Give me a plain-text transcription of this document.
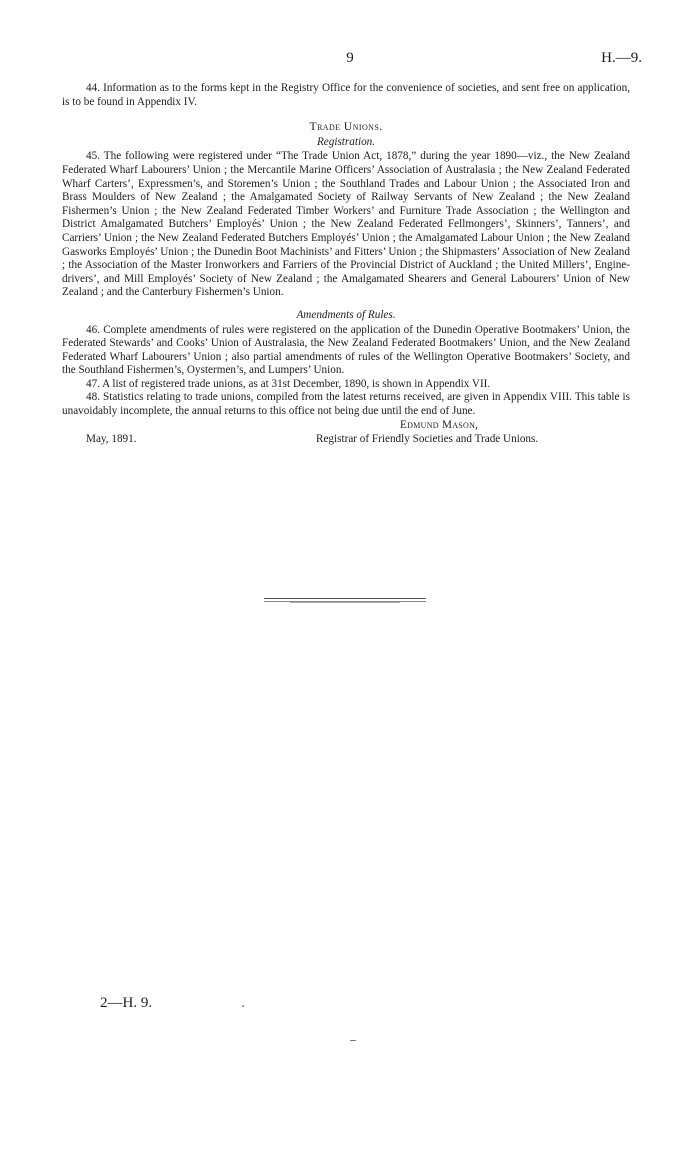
9	H.—9.

44. Information as to the forms kept in the Registry Office for the convenience of societies, and sent free on application, is to be found in Appendix IV.

Trade Unions.
Registration.

45. The following were registered under “The Trade Union Act, 1878,” during the year 1890—viz., the New Zealand Federated Wharf Labourers’ Union ; the Mercantile Marine Officers’ Association of Australasia ; the New Zealand Federated Wharf Carters’, Expressmen’s, and Storemen’s Union ; the Southland Trades and Labour Union ; the Associated Iron and Brass Moulders of New Zealand ; the Amalgamated Society of Railway Servants of New Zealand ; the New Zealand Fishermen’s Union ; the New Zealand Federated Timber Workers’ and Furniture Trade Association ; the Wellington and District Amalgamated Butchers’ Employés’ Union ; the New Zealand Federated Fellmongers’, Skinners’, Tanners’, and Carriers’ Union ; the New Zealand Federated Butchers Employés’ Union ; the Amalgamated Labour Union ; the New Zealand Gasworks Employés’ Union ; the Dunedin Boot Machinists’ and Fitters’ Union ; the Shipmasters’ Association of New Zealand ; the Association of the Master Ironworkers and Farriers of the Provincial District of Auckland ; the United Millers’, Engine-drivers’, and Mill Employés’ Society of New Zealand ; the Amalgamated Shearers and General Labourers’ Union of New Zealand ; and the Canterbury Fishermen’s Union.

Amendments of Rules.

46. Complete amendments of rules were registered on the application of the Dunedin Operative Bootmakers’ Union, the Federated Stewards’ and Cooks’ Union of Australasia, the New Zealand Federated Bootmakers’ Union, and the New Zealand Federated Wharf Labourers’ Union ; also partial amendments of rules of the Wellington Operative Bootmakers’ Society, and the Southland Fishermen’s, Oystermen’s, and Lumpers’ Union.

47. A list of registered trade unions, as at 31st December, 1890, is shown in Appendix VII.

48. Statistics relating to trade unions, compiled from the latest returns received, are given in Appendix VIII. This table is unavoidably incomplete, the annual returns to this office not being due until the end of June.

Edmund Mason,
May, 1891.	Registrar of Friendly Societies and Trade Unions.
2—H. 9.
